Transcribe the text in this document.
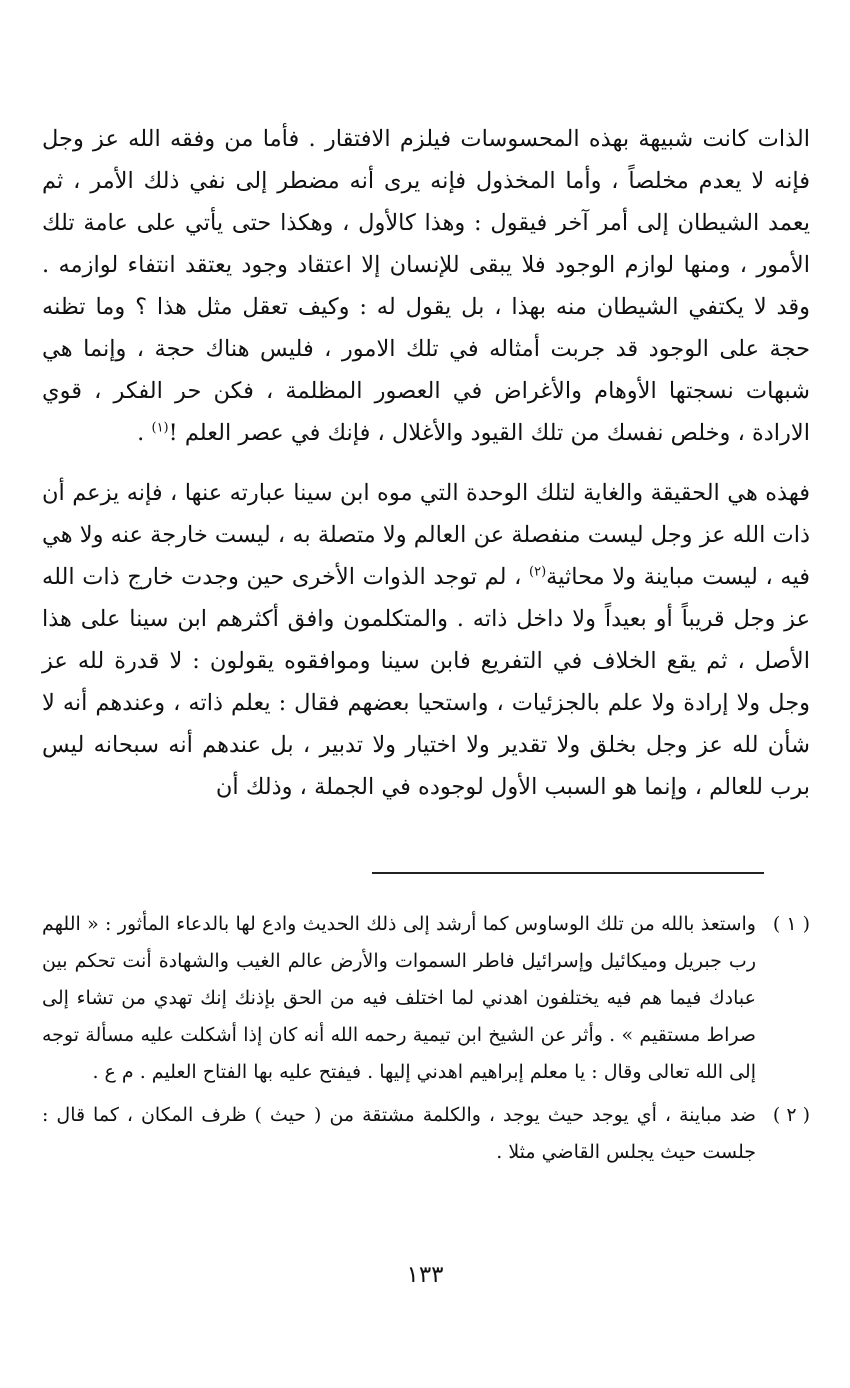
الذات كانت شبيهة بهذه المحسوسات فيلزم الافتقار . فأما من وفقه الله عز وجل فإنه لا يعدم مخلصاً ، وأما المخذول فإنه يرى أنه مضطر إلى نفي ذلك الأمر ، ثم يعمد الشيطان إلى أمر آخر فيقول : وهذا كالأول ، وهكذا حتى يأتي على عامة تلك الأمور ، ومنها لوازم الوجود فلا يبقى للإنسان إلا اعتقاد وجود يعتقد انتفاء لوازمه . وقد لا يكتفي الشيطان منه بهذا ، بل يقول له : وكيف تعقل مثل هذا ؟ وما تظنه حجة على الوجود قد جربت أمثاله في تلك الامور ، فليس هناك حجة ، وإنما هي شبهات نسجتها الأوهام والأغراض في العصور المظلمة ، فكن حر الفكر ، قوي الارادة ، وخلص نفسك من تلك القيود والأغلال ، فإنك في عصر العلم !$^{(١)}$ .

فهذه هي الحقيقة والغاية لتلك الوحدة التي موه ابن سينا عبارته عنها ، فإنه يزعم أن ذات الله عز وجل ليست منفصلة عن العالم ولا متصلة به ، ليست خارجة عنه ولا هي فيه ، ليست مباينة ولا محاثية$^{(٢)}$ ، لم توجد الذوات الأخرى حين وجدت خارج ذات الله عز وجل قريباً أو بعيداً ولا داخل ذاته . والمتكلمون وافق أكثرهم ابن سينا على هذا الأصل ، ثم يقع الخلاف في التفريع فابن سينا وموافقوه يقولون : لا قدرة لله عز وجل ولا إرادة ولا علم بالجزئيات ، واستحيا بعضهم فقال : يعلم ذاته ، وعندهم أنه لا شأن لله عز وجل بخلق ولا تقدير ولا اختيار ولا تدبير ، بل عندهم أنه سبحانه ليس برب للعالم ، وإنما هو السبب الأول لوجوده في الجملة ، وذلك أن

( ١ )
واستعذ بالله من تلك الوساوس كما أرشد إلى ذلك الحديث وادع لها بالدعاء المأثور : « اللهم رب جبريل وميكائيل وإسرائيل فاطر السموات والأرض عالم الغيب والشهادة أنت تحكم بين عبادك فيما هم فيه يختلفون اهدني لما اختلف فيه من الحق بإذنك إنك تهدي من تشاء إلى صراط مستقيم » . وأثر عن الشيخ ابن تيمية رحمه الله أنه كان إذا أشكلت عليه مسألة توجه إلى الله تعالى وقال : يا معلم إبراهيم اهدني إليها . فيفتح عليه بها الفتاح العليم . م ع .
( ٢ )
ضد مباينة ، أي يوجد حيث يوجد ، والكلمة مشتقة من ( حيث ) ظرف المكان ، كما قال : جلست حيث يجلس القاضي مثلا .
١٣٣
